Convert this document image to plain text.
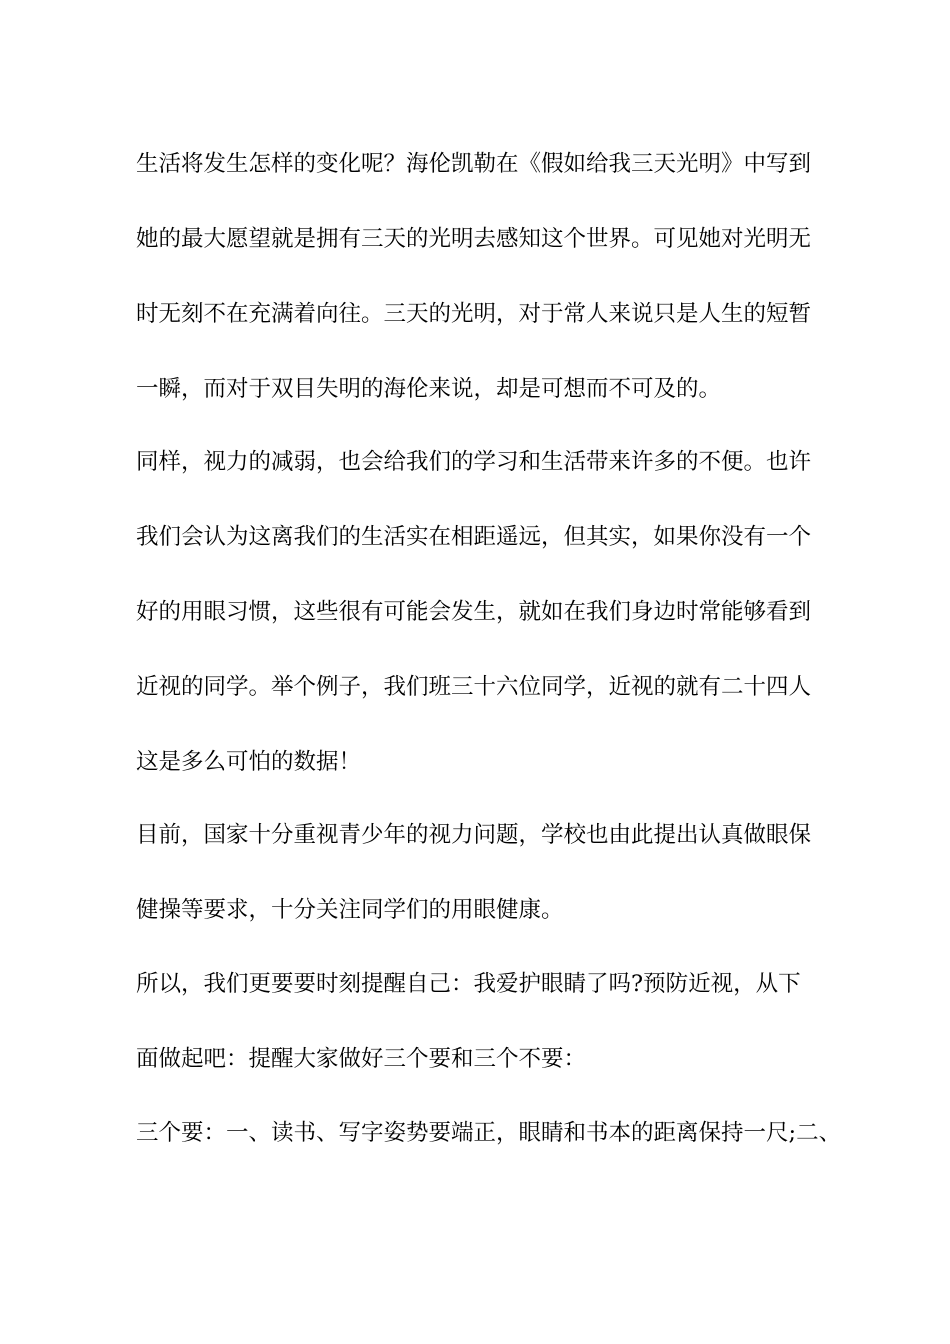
生活将发生怎样的变化呢？海伦凯勒在《假如给我三天光明》中写到

她的最大愿望就是拥有三天的光明去感知这个世界。可见她对光明无

时无刻不在充满着向往。三天的光明，对于常人来说只是人生的短暂

一瞬，而对于双目失明的海伦来说，却是可想而不可及的。

同样，视力的减弱，也会给我们的学习和生活带来许多的不便。也许

我们会认为这离我们的生活实在相距遥远，但其实，如果你没有一个

好的用眼习惯，这些很有可能会发生，就如在我们身边时常能够看到

近视的同学。举个例子，我们班三十六位同学，近视的就有二十四人

这是多么可怕的数据！

目前，国家十分重视青少年的视力问题，学校也由此提出认真做眼保

健操等要求，十分关注同学们的用眼健康。

所以，我们更要要时刻提醒自己：我爱护眼睛了吗?预防近视，从下

面做起吧：提醒大家做好三个要和三个不要：

三个要：一、读书、写字姿势要端正，眼睛和书本的距离保持一尺;二、
